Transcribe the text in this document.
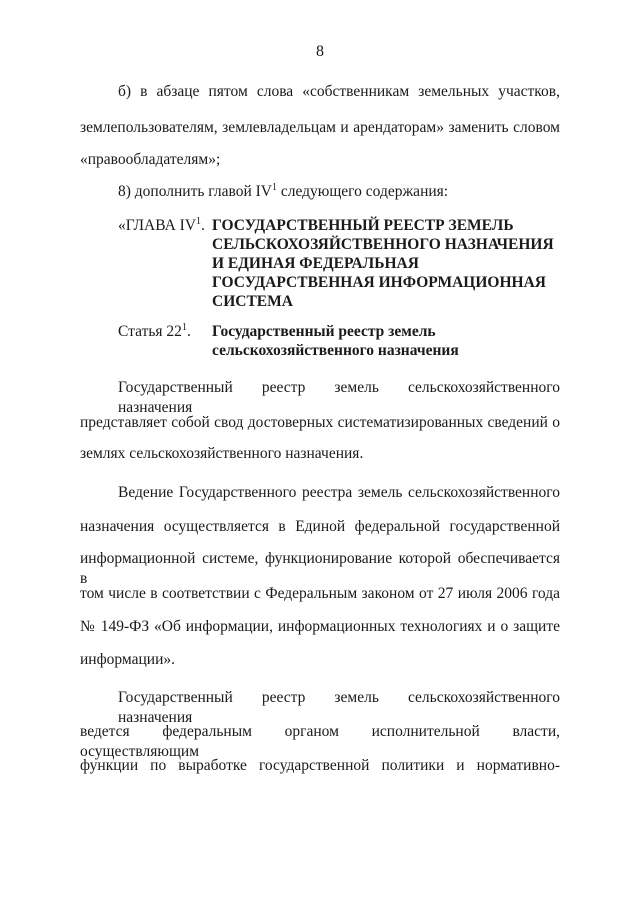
8
б) в абзаце пятом слова «собственникам земельных участков,
землепользователям, землевладельцам и арендаторам» заменить словом
«правообладателям»;
8) дополнить главой $IV^1$ следующего содержания:
«ГЛАВА $IV^1$. ГОСУДАРСТВЕННЫЙ РЕЕСТР ЗЕМЕЛЬ
СЕЛЬСКОХОЗЯЙСТВЕННОГО НАЗНАЧЕНИЯ
И ЕДИНАЯ ФЕДЕРАЛЬНАЯ
ГОСУДАРСТВЕННАЯ ИНФОРМАЦИОННАЯ
СИСТЕМА
Статья $22^1$. Государственный реестр земель
сельскохозяйственного назначения
Государственный реестр земель сельскохозяйственного назначения
представляет собой свод достоверных систематизированных сведений о
землях сельскохозяйственного назначения.
Ведение Государственного реестра земель сельскохозяйственного
назначения осуществляется в Единой федеральной государственной
информационной системе, функционирование которой обеспечивается в
том числе в соответствии с Федеральным законом от 27 июля 2006 года
№ 149-ФЗ «Об информации, информационных технологиях и о защите
информации».
Государственный реестр земель сельскохозяйственного назначения
ведется федеральным органом исполнительной власти, осуществляющим
функции по выработке государственной политики и нормативно-
